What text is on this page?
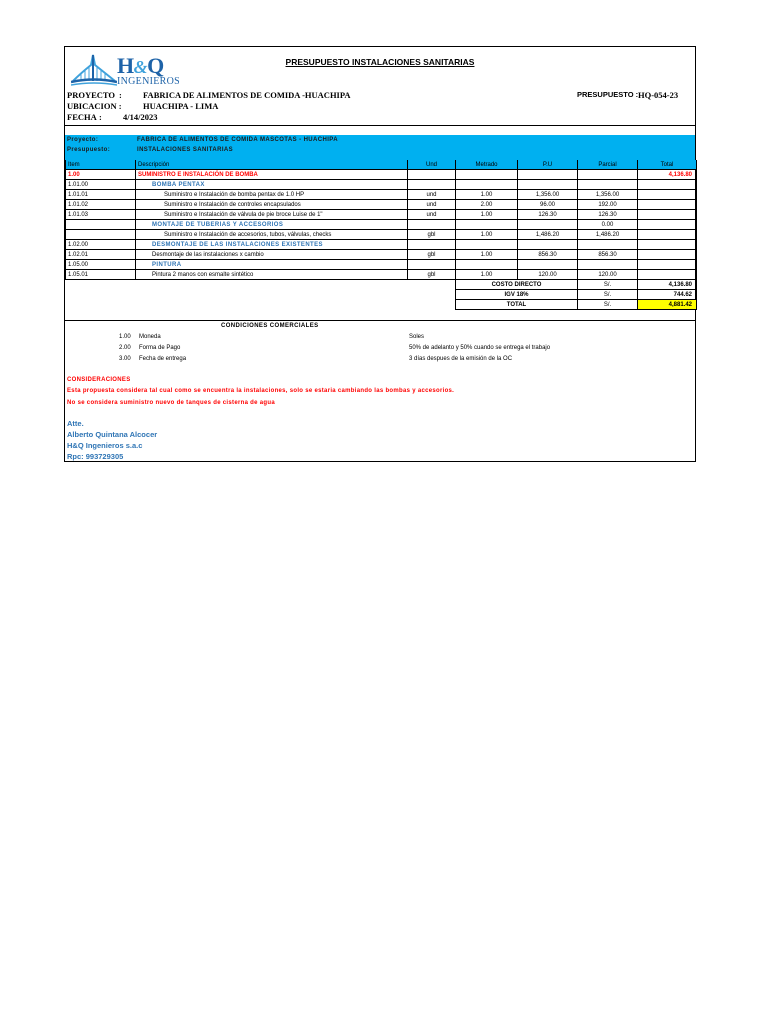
H&Q
INGENIEROS
PRESUPUESTO INSTALACIONES SANITARIAS
PROYECTO : FABRICA DE ALIMENTOS DE COMIDA -HUACHIPA	PRESUPUESTO : HQ-054-23
UBICACION :	HUACHIPA - LIMA
FECHA : 4/14/2023
Proyecto:	FABRICA DE ALIMENTOS DE COMIDA MASCOTAS - HUACHIPA
Presupuesto:	INSTALACIONES SANITARIAS
Item	Descripción	Und	Metrado	P.U	Parcial	Total
1.00	SUMINISTRO E INSTALACIÓN DE BOMBA					4,136.80
1.01.00	BOMBA PENTAX					
1.01.01	Suministro e Instalación de bomba pentax de 1.0 HP	und	1.00	1,356.00	1,356.00	
1.01.02	Suministro e Instalación de controles encapsulados	und	2.00	96.00	192.00	
1.01.03	Suministro e Instalación de válvula de pie broce Luise de 1"	und	1.00	126.30	126.30	
	MONTAJE DE TUBERIAS Y ACCESORIOS				0.00	
	Suministro e Instalación de accesorios, tubos, válvulas, checks	gbl	1.00	1,486.20	1,486.20	
1.02.00	DESMONTAJE DE LAS INSTALACIONES EXISTENTES					
1.02.01	Desmontaje de las instalaciones x cambio	gbl	1.00	856.30	856.30	
1.05.00	PINTURA					
1.05.01	Pintura 2 manos con esmalte sintético	gbl	1.00	120.00	120.00	
			COSTO DIRECTO		S/.	4,136.80
			IGV 18%		S/.	744.62
			TOTAL		S/.	4,881.42
CONDICIONES COMERCIALES
1.00 Moneda	Soles
2.00 Forma de Pago	50% de adelanto y 50% cuando se entrega el trabajo
3.00 Fecha de entrega	3 días despues de la emisión de la OC
CONSIDERACIONES
Esta propuesta considera tal cual como se encuentra la instalaciones, solo se estaria cambiando las bombas y accesorios.
No se considera suministro nuevo de tanques de cisterna de agua
Atte.
Alberto Quintana Alcocer
H&Q Ingenieros s.a.c
Rpc: 993729305
